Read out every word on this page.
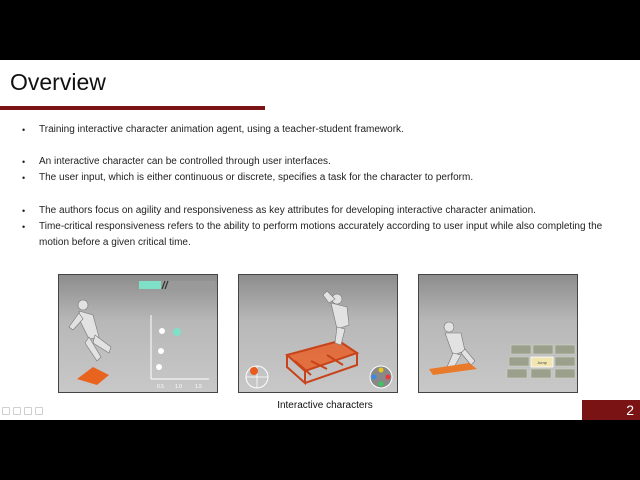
Overview
• Training interactive character animation agent, using a teacher-student framework.
• An interactive character can be controlled through user interfaces.
• The user input, which is either continuous or discrete, specifies a task for the character to perform.
• The authors focus on agility and responsiveness as key attributes for developing interactive character animation.
• Time-critical responsiveness refers to the ability to perform motions accurately according to user input while also completing the motion before a given critical time.
0.5 1.0	1.5
Jump
Interactive characters	2
